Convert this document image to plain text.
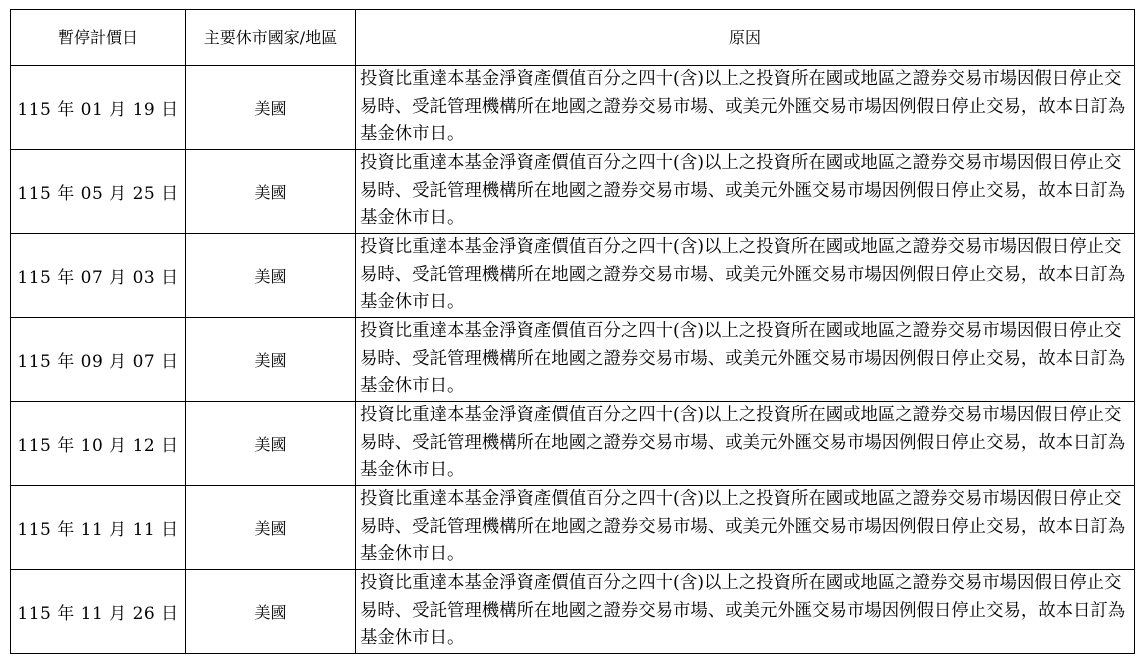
暫停計價日	主要休市國家/地區	原因
115 年 01 月 19 日	美國	投資比重達本基金淨資產價值百分之四十(含)以上之投資所在國或地區之證券交易市場因假日停止交易時、受託管理機構所在地國之證券交易市場、或美元外匯交易市場因例假日停止交易，故本日訂為基金休市日。
115 年 05 月 25 日	美國	投資比重達本基金淨資產價值百分之四十(含)以上之投資所在國或地區之證券交易市場因假日停止交易時、受託管理機構所在地國之證券交易市場、或美元外匯交易市場因例假日停止交易，故本日訂為基金休市日。
115 年 07 月 03 日	美國	投資比重達本基金淨資產價值百分之四十(含)以上之投資所在國或地區之證券交易市場因假日停止交易時、受託管理機構所在地國之證券交易市場、或美元外匯交易市場因例假日停止交易，故本日訂為基金休市日。
115 年 09 月 07 日	美國	投資比重達本基金淨資產價值百分之四十(含)以上之投資所在國或地區之證券交易市場因假日停止交易時、受託管理機構所在地國之證券交易市場、或美元外匯交易市場因例假日停止交易，故本日訂為基金休市日。
115 年 10 月 12 日	美國	投資比重達本基金淨資產價值百分之四十(含)以上之投資所在國或地區之證券交易市場因假日停止交易時、受託管理機構所在地國之證券交易市場、或美元外匯交易市場因例假日停止交易，故本日訂為基金休市日。
115 年 11 月 11 日	美國	投資比重達本基金淨資產價值百分之四十(含)以上之投資所在國或地區之證券交易市場因假日停止交易時、受託管理機構所在地國之證券交易市場、或美元外匯交易市場因例假日停止交易，故本日訂為基金休市日。
115 年 11 月 26 日	美國	投資比重達本基金淨資產價值百分之四十(含)以上之投資所在國或地區之證券交易市場因假日停止交易時、受託管理機構所在地國之證券交易市場、或美元外匯交易市場因例假日停止交易，故本日訂為基金休市日。
